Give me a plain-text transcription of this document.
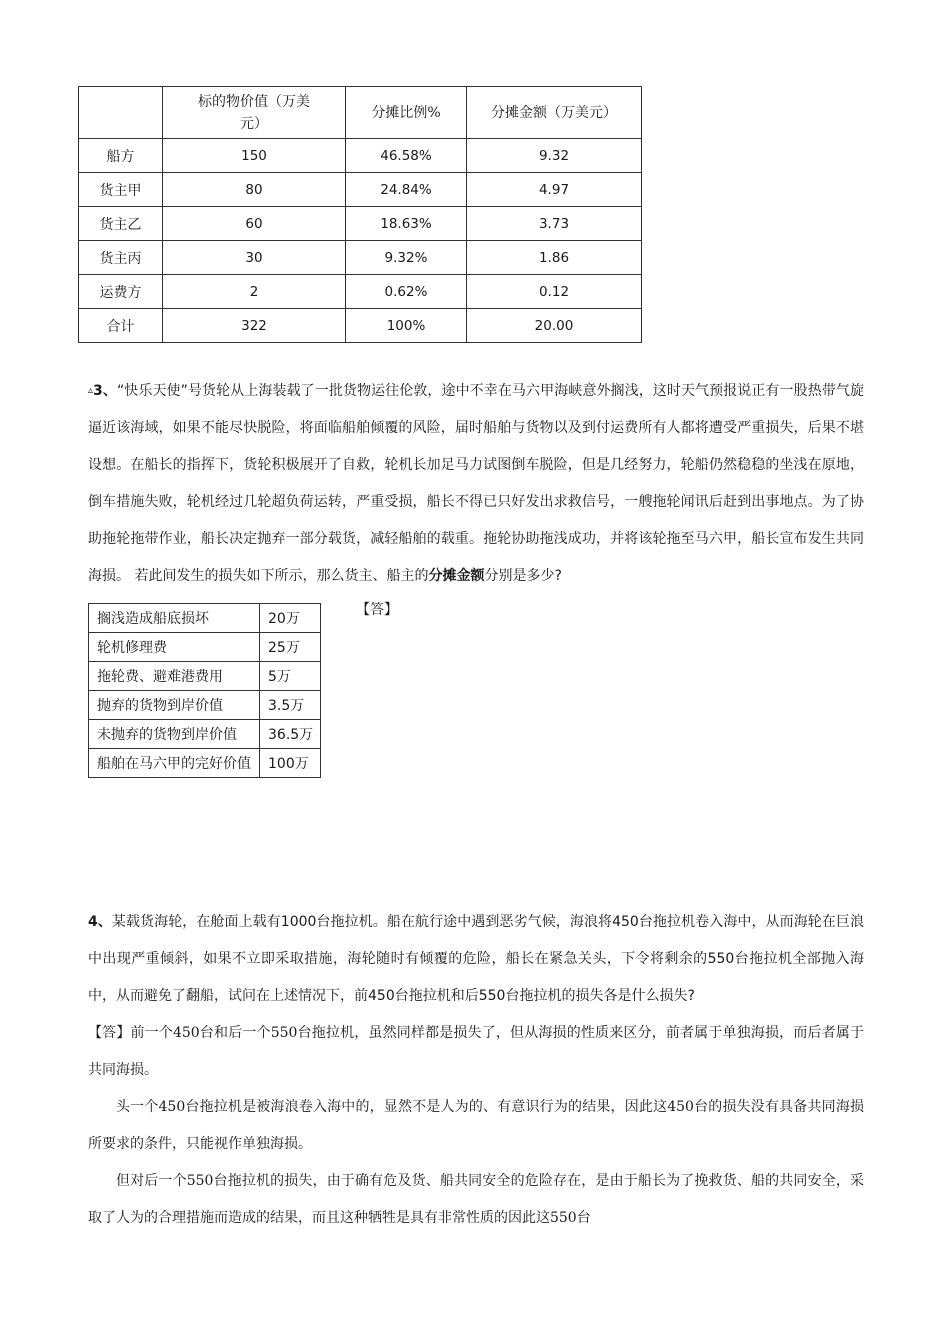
	标的物价值（万美元）	分摊比例%	分摊金额（万美元）
船方	150	46.58%	9.32
货主甲	80	24.84%	4.97
货主乙	60	18.63%	3.73
货主丙	30	9.32%	1.86
运费方	2	0.62%	0.12
合计	322	100%	20.00

▵3、“快乐天使”号货轮从上海装载了一批货物运往伦敦，途中不幸在马六甲海峡意外搁浅，这时天气预报说正有一股热带气旋逼近该海域，如果不能尽快脱险，将面临船舶倾覆的风险，届时船舶与货物以及到付运费所有人都将遭受严重损失，后果不堪设想。在船长的指挥下，货轮积极展开了自救，轮机长加足马力试图倒车脱险，但是几经努力，轮船仍然稳稳的坐浅在原地，倒车措施失败，轮机经过几轮超负荷运转，严重受损，船长不得已只好发出求救信号，一艘拖轮闻讯后赶到出事地点。为了协助拖轮拖带作业，船长决定抛弃一部分载货，减轻船舶的载重。拖轮协助拖浅成功，并将该轮拖至马六甲，船长宣布发生共同海损。 若此间发生的损失如下所示，那么货主、船主的分摊金额分别是多少?

搁浅造成船底损坏	20万
轮机修理费	25万
拖轮费、避难港费用	5万
抛弃的货物到岸价值	3.5万
未抛弃的货物到岸价值	36.5万
船舶在马六甲的完好价值	100万
【答】

4、某载货海轮，在舱面上载有1000台拖拉机。船在航行途中遇到恶劣气候，海浪将450台拖拉机卷入海中，从而海轮在巨浪中出现严重倾斜，如果不立即采取措施，海轮随时有倾覆的危险，船长在紧急关头，下令将剩余的550台拖拉机全部抛入海中，从而避免了翻船，试问在上述情况下，前450台拖拉机和后550台拖拉机的损失各是什么损失?

【答】前一个450台和后一个550台拖拉机，虽然同样都是损失了，但从海损的性质来区分，前者属于单独海损，而后者属于共同海损。

头一个450台拖拉机是被海浪卷入海中的，显然不是人为的、有意识行为的结果，因此这450台的损失没有具备共同海损所要求的条件，只能视作单独海损。

但对后一个550台拖拉机的损失，由于确有危及货、船共同安全的危险存在，是由于船长为了挽救货、船的共同安全，采取了人为的合理措施而造成的结果，而且这种牺牲是具有非常性质的因此这550台
